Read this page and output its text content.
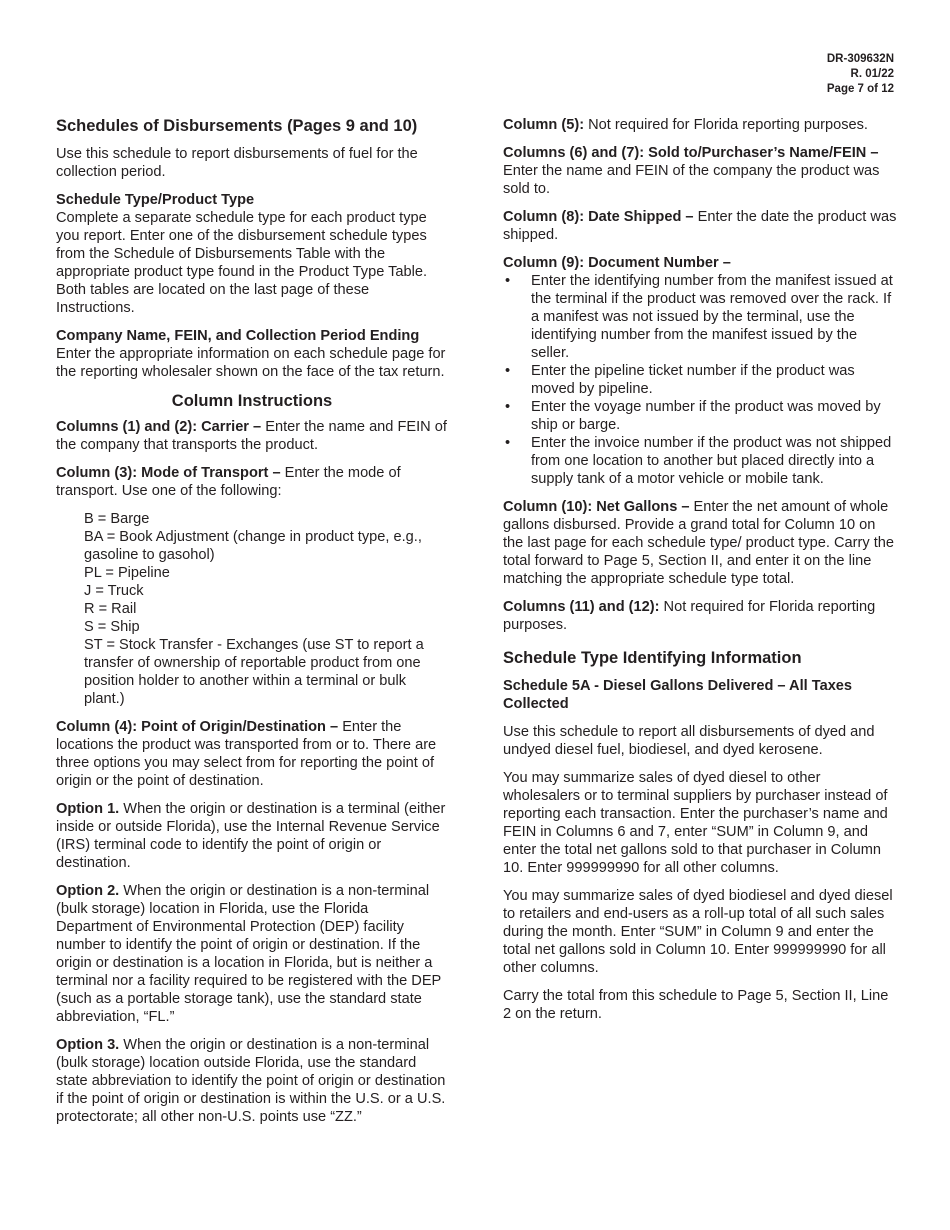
DR-309632N
R. 01/22
Page 7 of 12
Schedules of Disbursements (Pages 9 and 10)

Use this schedule to report disbursements of fuel for the collection period.

Schedule Type/Product Type
Complete a separate schedule type for each product type you report. Enter one of the disbursement schedule types from the Schedule of Disbursements Table with the appropriate product type found in the Product Type Table. Both tables are located on the last page of these Instructions.

Company Name, FEIN, and Collection Period Ending
Enter the appropriate information on each schedule page for the reporting wholesaler shown on the face of the tax return.

Column Instructions

Columns (1) and (2): Carrier – Enter the name and FEIN of the company that transports the product.

Column (3): Mode of Transport – Enter the mode of transport. Use one of the following:

B = Barge
BA = Book Adjustment (change in product type, e.g., gasoline to gasohol)
PL = Pipeline
J = Truck
R = Rail
S = Ship
ST = Stock Transfer - Exchanges (use ST to report a transfer of ownership of reportable product from one position holder to another within a terminal or bulk plant.)

Column (4): Point of Origin/Destination – Enter the locations the product was transported from or to. There are three options you may select from for reporting the point of origin or the point of destination.

Option 1. When the origin or destination is a terminal (either inside or outside Florida), use the Internal Revenue Service (IRS) terminal code to identify the point of origin or destination.

Option 2. When the origin or destination is a non-terminal (bulk storage) location in Florida, use the Florida Department of Environmental Protection (DEP) facility number to identify the point of origin or destination. If the origin or destination is a location in Florida, but is neither a terminal nor a facility required to be registered with the DEP (such as a portable storage tank), use the standard state abbreviation, “FL.”

Option 3. When the origin or destination is a non-terminal (bulk storage) location outside Florida, use the standard state abbreviation to identify the point of origin or destination if the point of origin or destination is within the U.S. or a U.S. protectorate; all other non-U.S. points use “ZZ.”

Column (5): Not required for Florida reporting purposes.

Columns (6) and (7): Sold to/Purchaser’s Name/FEIN – Enter the name and FEIN of the company the product was sold to.

Column (8): Date Shipped – Enter the date the product was shipped.

Column (9): Document Number –
• Enter the identifying number from the manifest issued at the terminal if the product was removed over the rack. If a manifest was not issued by the terminal, use the identifying number from the manifest issued by the seller.
• Enter the pipeline ticket number if the product was moved by pipeline.
• Enter the voyage number if the product was moved by ship or barge.
• Enter the invoice number if the product was not shipped from one location to another but placed directly into a supply tank of a motor vehicle or mobile tank.

Column (10): Net Gallons – Enter the net amount of whole gallons disbursed. Provide a grand total for Column 10 on the last page for each schedule type/ product type. Carry the total forward to Page 5, Section II, and enter it on the line matching the appropriate schedule type total.

Columns (11) and (12): Not required for Florida reporting purposes.

Schedule Type Identifying Information

Schedule 5A - Diesel Gallons Delivered – All Taxes Collected

Use this schedule to report all disbursements of dyed and undyed diesel fuel, biodiesel, and dyed kerosene.

You may summarize sales of dyed diesel to other wholesalers or to terminal suppliers by purchaser instead of reporting each transaction. Enter the purchaser’s name and FEIN in Columns 6 and 7, enter “SUM” in Column 9, and enter the total net gallons sold to that purchaser in Column 10. Enter 999999990 for all other columns.

You may summarize sales of dyed biodiesel and dyed diesel to retailers and end-users as a roll-up total of all such sales during the month. Enter “SUM” in Column 9 and enter the total net gallons sold in Column 10. Enter 999999990 for all other columns.

Carry the total from this schedule to Page 5, Section II, Line 2 on the return.
